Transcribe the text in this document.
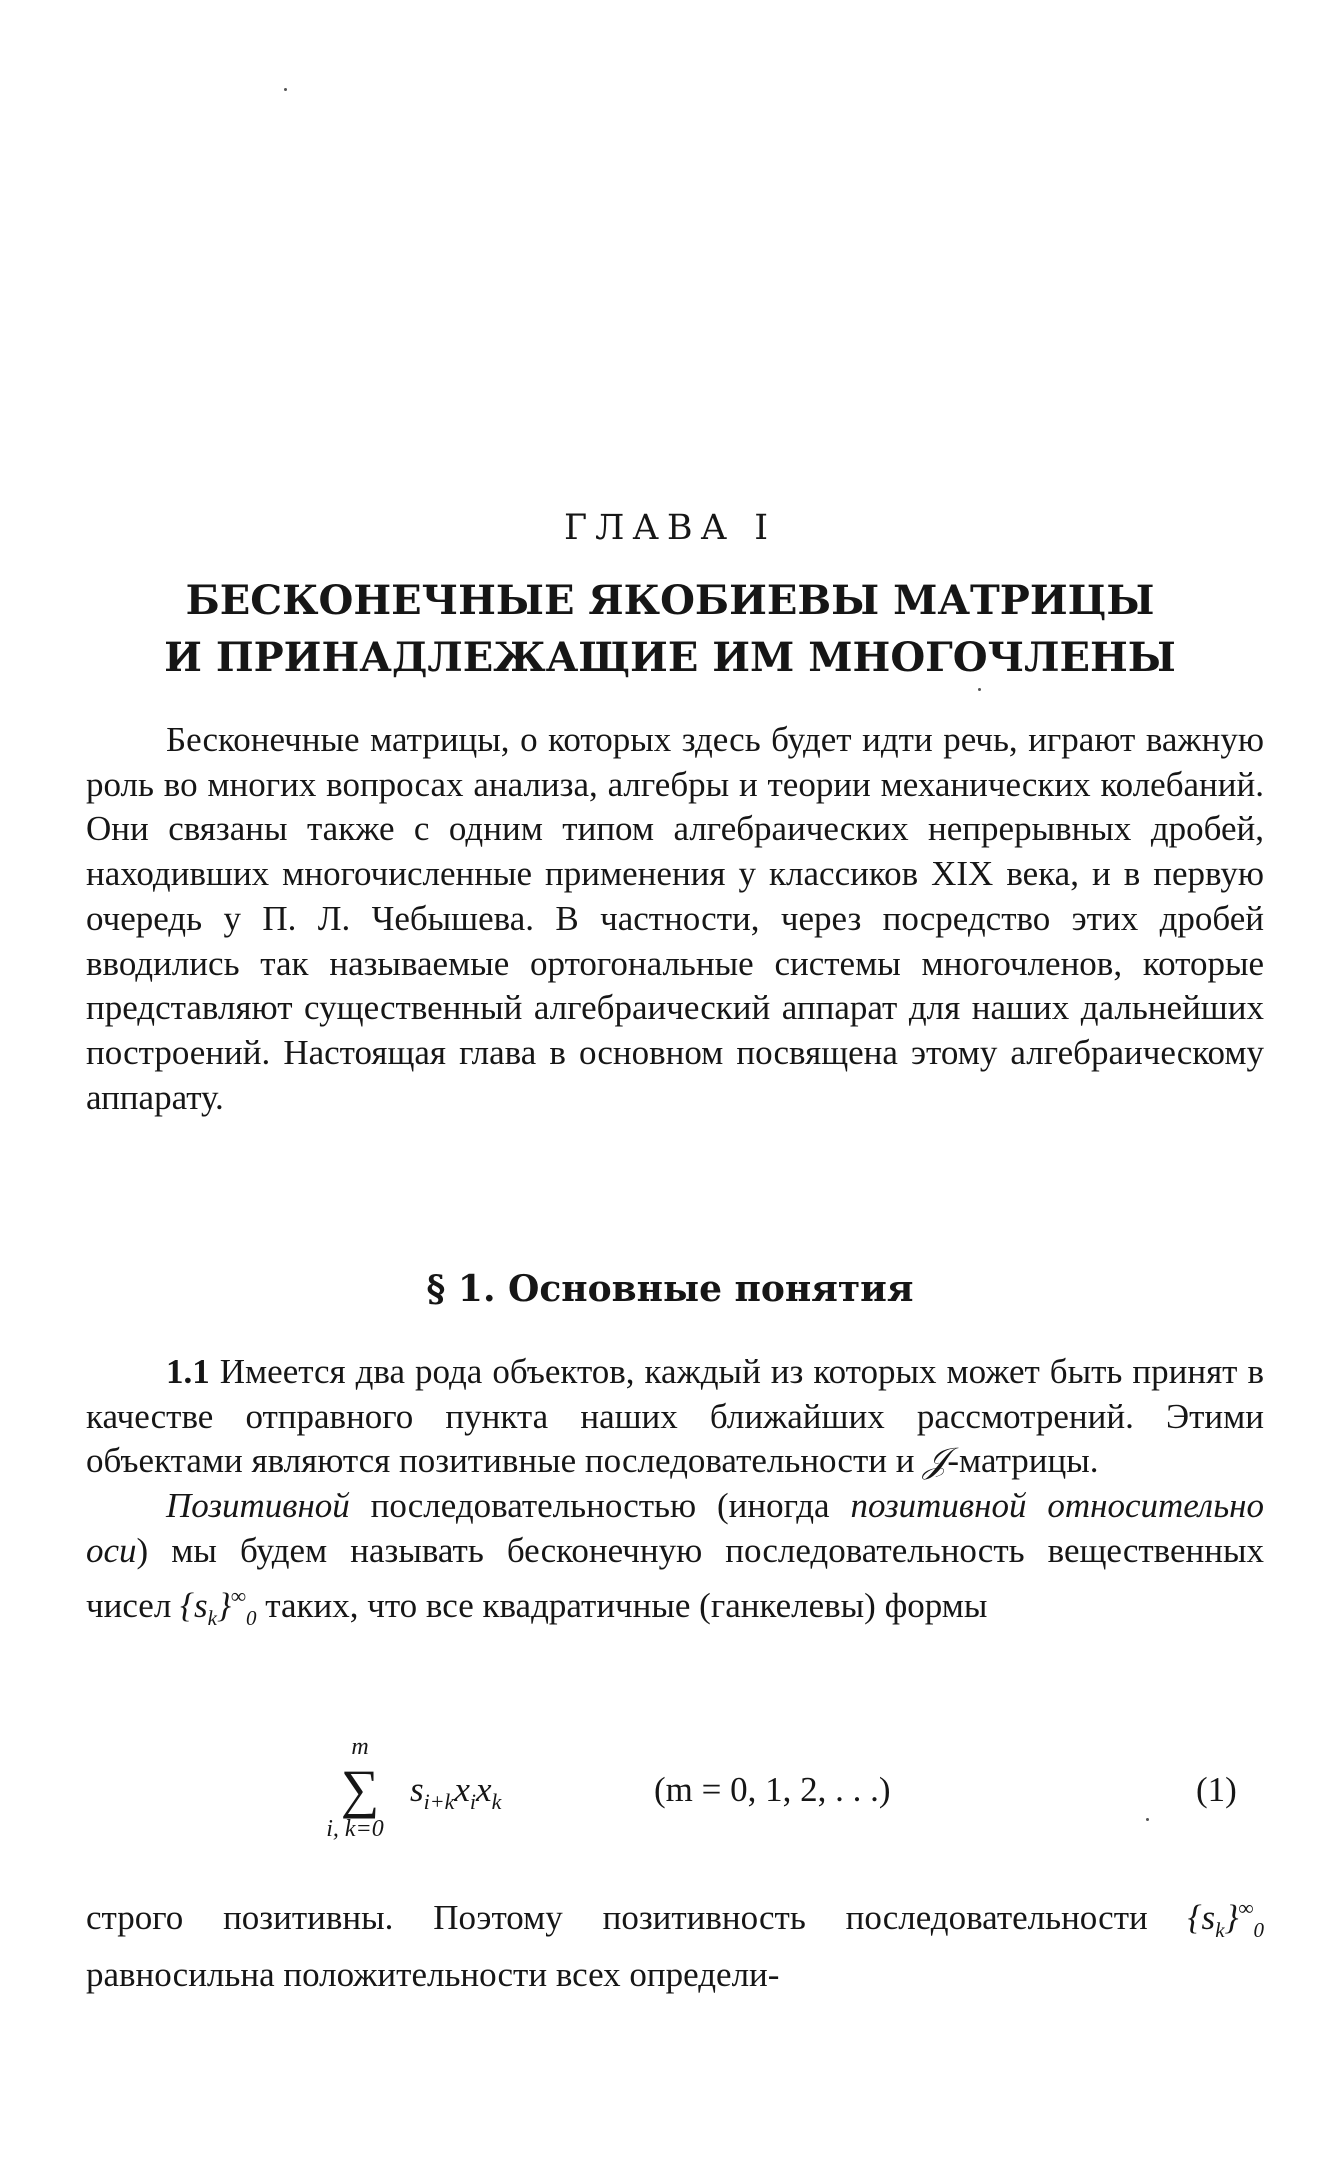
ГЛАВА I
БЕСКОНЕЧНЫЕ ЯКОБИЕВЫ МАТРИЦЫ
И ПРИНАДЛЕЖАЩИЕ ИМ МНОГОЧЛЕНЫ

Бесконечные матрицы, о которых здесь будет идти речь, играют важную роль во многих вопросах анализа, алгебры и теории механических колебаний. Они связаны также с одним типом алгебраических непрерывных дробей, находивших многочисленные применения у классиков XIX века, и в первую очередь у П. Л. Чебышева. В частности, через посредство этих дробей вводились так называемые ортогональные системы многочленов, которые представляют существенный алгебраический аппарат для наших дальнейших построений. Настоящая глава в основном посвящена этому алгебраическому аппарату.

§ 1. Основные понятия

1.1 Имеется два рода объектов, каждый из которых может быть принят в качестве отправного пункта наших ближайших рассмотрений. Этими объектами являются позитивные последовательности и 𝒥-матрицы.

Позитивной последовательностью (иногда позитивной относительно оси) мы будем называть бесконечную последовательность вещественных чисел $\{s_k\}^\infty_0$ таких, что все квадратичные (ганкелевы) формы

m
∑
i, k=0
$s_{i+k}x_ix_k$	(m = 0, 1, 2, . . .)	(1)

строго позитивны. Поэтому позитивность последовательности $\{s_k\}^\infty_0$ равносильна положительности всех определи-
